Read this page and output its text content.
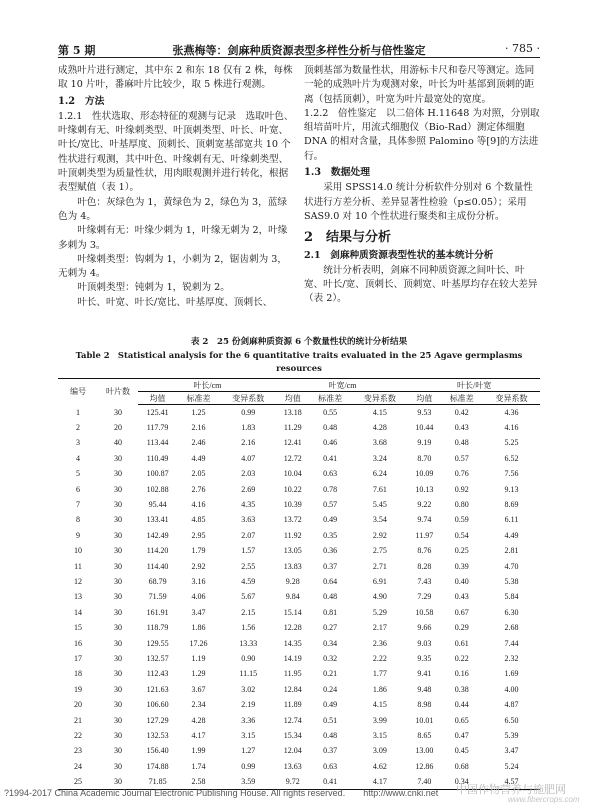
第 5 期	张燕梅等：剑麻种质资源表型多样性分析与倍性鉴定	· 785 ·

成熟叶片进行测定，其中东 2 和东 18 仅有 2 株，每株取 10 片叶，番麻叶片比较少，取 5 株进行观测。

1.2　方法

1.2.1　性状选取、形态特征的观测与记录　选取叶色、叶缘刺有无、叶缘刺类型、叶顶刺类型、叶长、叶宽、叶长/宽比、叶基厚度、顶刺长、顶刺宽基部宽共 10 个性状进行观测，其中叶色、叶缘刺有无、叶缘刺类型、叶顶刺类型为质量性状，用肉眼观测并进行转化，根据表型赋值（表 1）。

叶色：灰绿色为 1，黄绿色为 2，绿色为 3，蓝绿色为 4。

叶缘刺有无：叶缘少刺为 1，叶缘无刺为 2，叶缘多刺为 3。

叶缘刺类型：钩刺为 1，小刺为 2，锯齿刺为 3，无刺为 4。

叶顶刺类型：钝刺为 1，锐刺为 2。

叶长、叶宽、叶长/宽比、叶基厚度、顶刺长、

顶刺基部为数量性状，用游标卡尺和卷尺等测定。选同一轮的成熟叶片为观测对象，叶长为叶基部到顶刺的距离（包括顶刺），叶宽为叶片最宽处的宽度。

1.2.2　倍性鉴定　以二倍体 H.11648 为对照，分别取组培苗叶片，用流式细胞仪（Bio-Rad）测定体细胞 DNA 的相对含量，具体参照 Palomino 等[9]的方法进行。

1.3　数据处理

采用 SPSS14.0 统计分析软件分别对 6 个数量性状进行方差分析、差异显著性检验（p≤0.05）；采用 SAS9.0 对 10 个性状进行聚类和主成份分析。

2　结果与分析
2.1　剑麻种质资源表型性状的基本统计分析

统计分析表明，剑麻不同种质资源之间叶长、叶宽、叶长/宽、顶刺长、顶刺宽、叶基厚均存在较大差异（表 2）。

表 2　25 份剑麻种质资源 6 个数量性状的统计分析结果
Table 2　Statistical analysis for the 6 quantitative traits evaluated in the 25 Agave germplasms resources
编号	叶片数	叶长/cm			叶宽/cm			叶长/叶宽		
		均值	标准差	变异系数	均值	标准差	变异系数	均值	标准差	变异系数
1	30	125.41	1.25	0.99	13.18	0.55	4.15	9.53	0.42	4.36
2	20	117.79	2.16	1.83	11.29	0.48	4.28	10.44	0.43	4.16
3	40	113.44	2.46	2.16	12.41	0.46	3.68	9.19	0.48	5.25
4	30	110.49	4.49	4.07	12.72	0.41	3.24	8.70	0.57	6.52
5	30	100.87	2.05	2.03	10.04	0.63	6.24	10.09	0.76	7.56
6	30	102.88	2.76	2.69	10.22	0.78	7.61	10.13	0.92	9.13
7	30	95.44	4.16	4.35	10.39	0.57	5.45	9.22	0.80	8.69
8	30	133.41	4.85	3.63	13.72	0.49	3.54	9.74	0.59	6.11
9	30	142.49	2.95	2.07	11.92	0.35	2.92	11.97	0.54	4.49
10	30	114.20	1.79	1.57	13.05	0.36	2.75	8.76	0.25	2.81
11	30	114.40	2.92	2.55	13.83	0.37	2.71	8.28	0.39	4.70
12	30	68.79	3.16	4.59	9.28	0.64	6.91	7.43	0.40	5.38
13	30	71.59	4.06	5.67	9.84	0.48	4.90	7.29	0.43	5.84
14	30	161.91	3.47	2.15	15.14	0.81	5.29	10.58	0.67	6.30
15	30	118.79	1.86	1.56	12.28	0.27	2.17	9.66	0.29	2.68
16	30	129.55	17.26	13.33	14.35	0.34	2.36	9.03	0.61	7.44
17	30	132.57	1.19	0.90	14.19	0.32	2.22	9.35	0.22	2.32
18	30	112.43	1.29	11.15	11.95	0.21	1.77	9.41	0.16	1.69
19	30	121.63	3.67	3.02	12.84	0.24	1.86	9.48	0.38	4.00
20	30	106.60	2.34	2.19	11.89	0.49	4.15	8.98	0.44	4.87
21	30	127.29	4.28	3.36	12.74	0.51	3.99	10.01	0.65	6.50
22	30	132.53	4.17	3.15	15.34	0.48	3.15	8.65	0.47	5.39
23	30	156.40	1.99	1.27	12.04	0.37	3.09	13.00	0.45	3.47
24	30	174.88	1.74	0.99	13.63	0.63	4.62	12.86	0.68	5.24
25	30	71.85	2.58	3.59	9.72	0.41	4.17	7.40	0.34	4.57
?1994-2017 China Academic Journal Electronic Publishing House. All rights reserved.　　http://www.cnki.net 中国作物营养与施肥网
www.fibercrops.com
